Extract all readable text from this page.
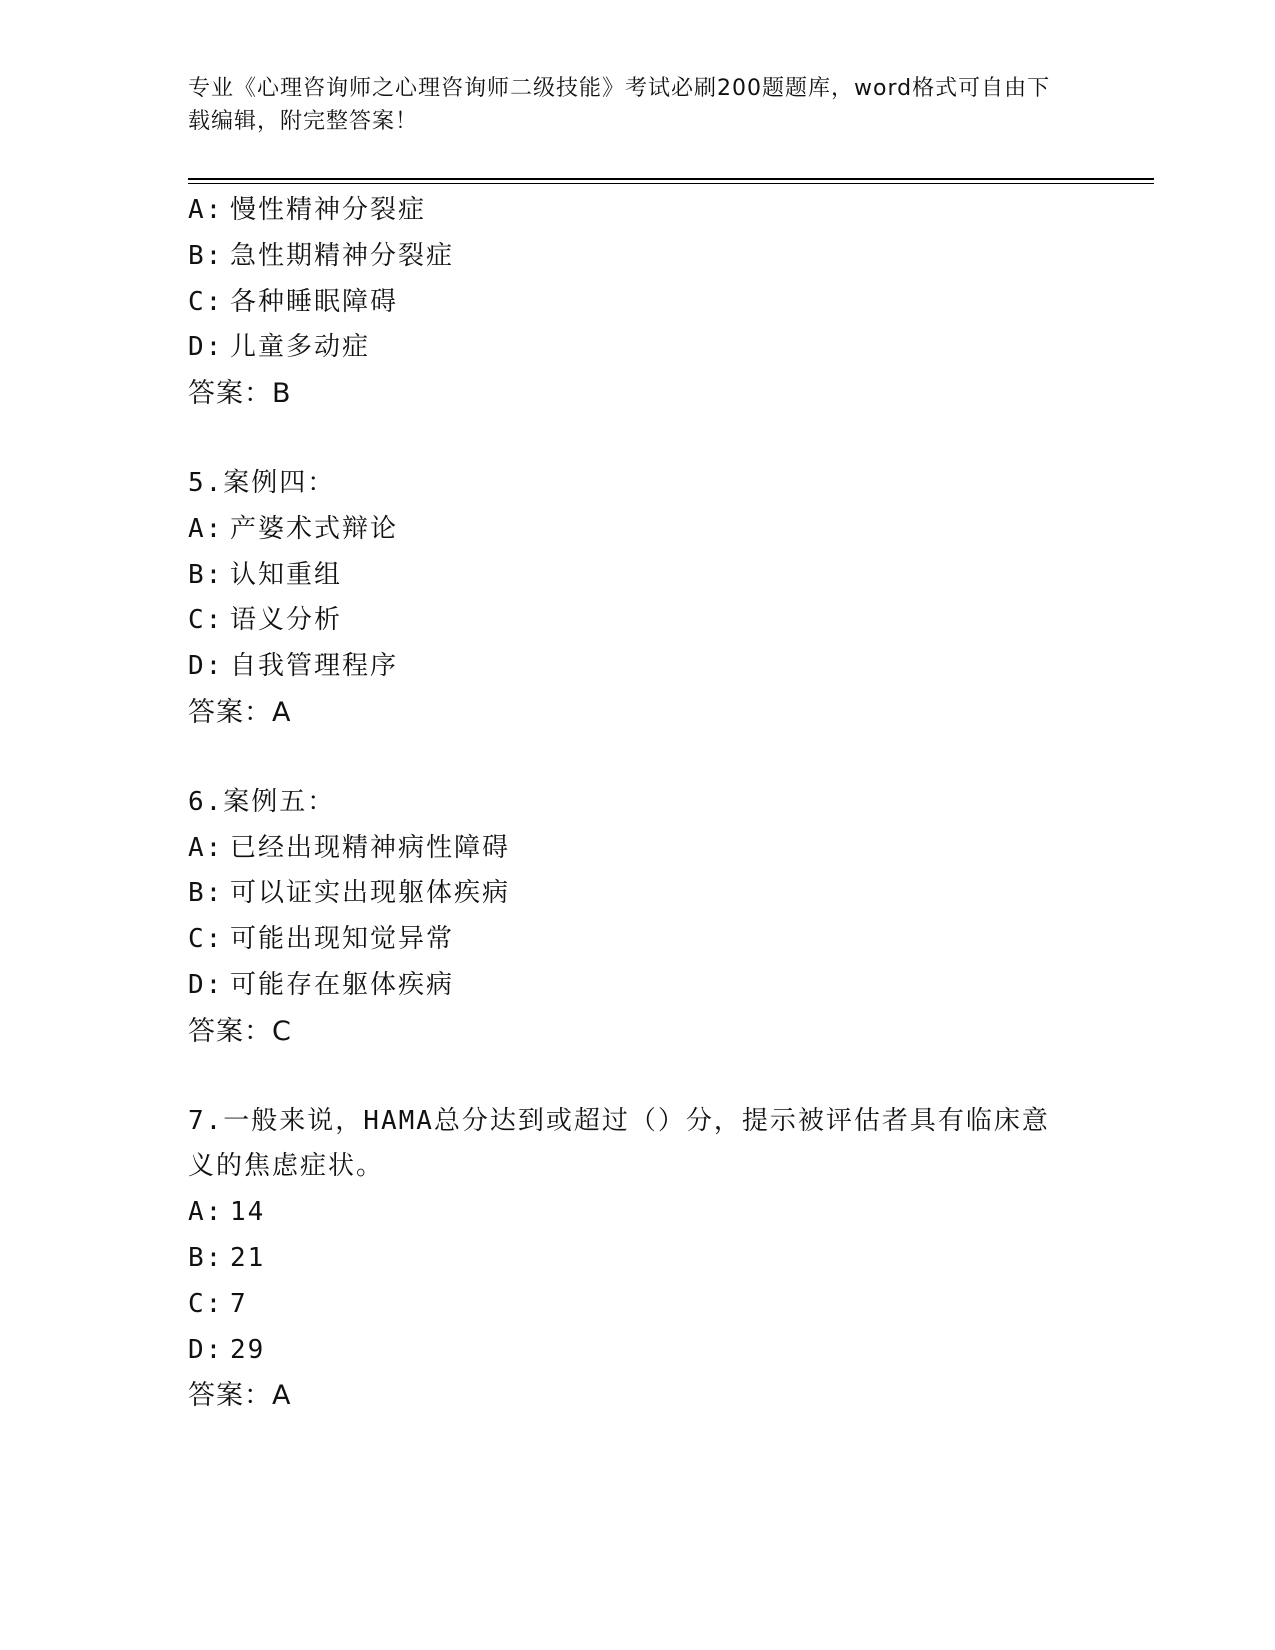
专业《心理咨询师之心理咨询师二级技能》考试必刷200题题库，word格式可自由下载编辑，附完整答案！
A: 慢性精神分裂症
B: 急性期精神分裂症
C: 各种睡眠障碍
D: 儿童多动症
答案：B
5.案例四：
A: 产婆术式辩论
B: 认知重组
C: 语义分析
D: 自我管理程序
答案：A
6.案例五：
A: 已经出现精神病性障碍
B: 可以证实出现躯体疾病
C: 可能出现知觉异常
D: 可能存在躯体疾病
答案：C
7.一般来说，HAMA总分达到或超过（）分，提示被评估者具有临床意义的焦虑症状。
A: 14
B: 21
C: 7
D: 29
答案：A
